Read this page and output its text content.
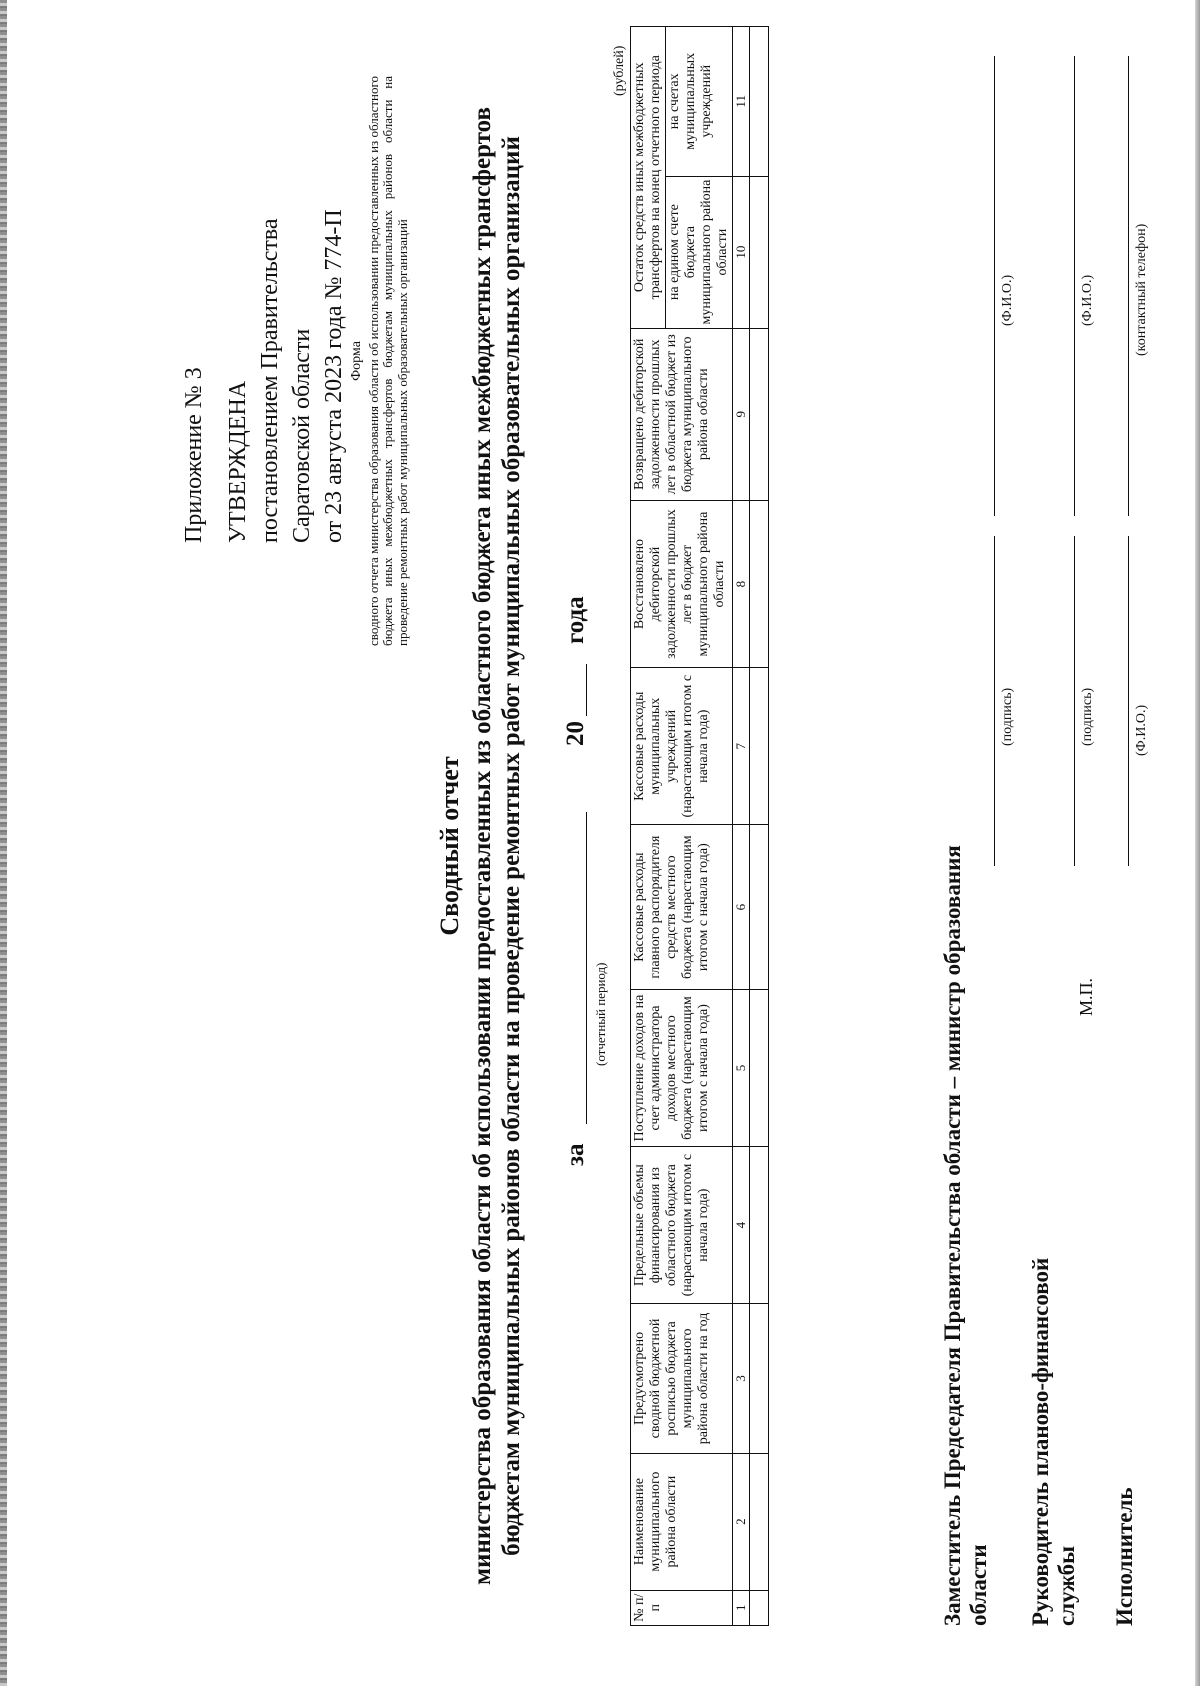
Приложение № 3 УТВЕРЖДЕНА постановлением Правительства Саратовской области от 23 августа 2023 года № 774-П Форма сводного отчета министерства образования области об использовании предоставленных из областного бюджета иных межбюджетных трансфертов бюджетам муниципальных районов области на проведение ремонтных работ муниципальных образовательных организаций
Сводный отчет министерства образования области об использовании предоставленных из областного бюджета иных межбюджетных трансфертов бюджетам муниципальных районов области на проведение ремонтных работ муниципальных образовательных организаций за
20
года
(отчетный период)
(рублей)
№ п/п	Наименование муниципального района области	Предусмотрено сводной бюджетной росписью бюджета муниципального района области на год	Предельные объемы финансирования из областного бюджета (нарастающим итогом с начала года)	Поступление доходов на счет администратора доходов местного бюджета (нарастающим итогом с начала года)	Кассовые расходы главного распорядителя средств местного бюджета (нарастающим итогом с начала года)	Кассовые расходы муниципальных учреждений (нарастающим итогом с начала года)	Восстановлено дебиторской задолженности прошлых лет в бюджет муниципального района области	Возвращено дебиторской задолженности прошлых лет в областной бюджет из бюджета муниципального района области	Остаток средств иных межбюджетных трансфертов на конец отчетного периода	
									на едином счете бюджета муниципального района области	на счетах муниципальных учреждений
1	2	3	4	5	6	7	8	9	10	11

Заместитель Председателя Правительства области – министр образования области
(подпись)
(Ф.И.О.)
Руководитель планово-финансовой службы
(подпись)
(Ф.И.О.)
Исполнитель
(Ф.И.О.)
(контактный телефон)
М.П.
